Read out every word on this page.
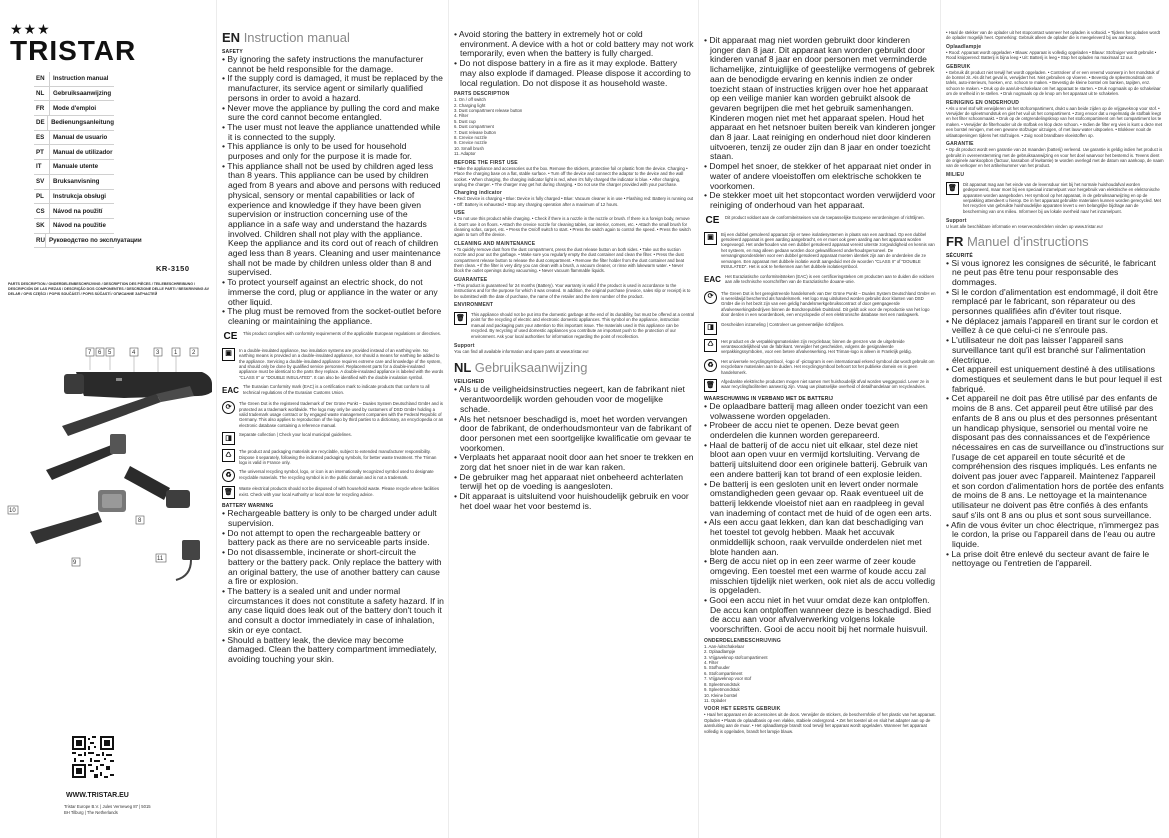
★★★
TRISTAR
EN	Instruction manual
NL	Gebruiksaanwijzing
FR	Mode d'emploi
DE	Bedienungsanleitung
ES	Manual de usuario
PT	Manual de utilizador
IT	Manuale utente
SV	Bruksanvisning
PL	Instrukcja obsługi
CS	Návod na použití
SK	Návod na použitie
RU Руководство по эксплуатации
KR-3150
PARTS DESCRIPTION / ONDERDELENBESCHRIJVING / DESCRIPTION DES PIÈCES / TEILEBESCHREIBUNG / DESCRIPCIÓN DE LAS PIEZAS / DESCRIÇÃO DOS COMPONENTES / DESCRIZIONE DELLE PARTI / BESKRIVNING AV DELAR / OPIS CZĘŚCI / POPIS SOUČÁSTÍ / POPIS SÚČASTÍ / ОПИСАНИЕ ЗАПЧАСТЕЙ
7 6 5	4	3 1 2
8
9
11
10
WWW.TRISTAR.EU
Tristar Europe B.V. | Jules Verneweg 87 | 5015 BH Tilburg | The Netherlands
EN Instruction manual
SAFETY
• By ignoring the safety instructions the manufacturer cannot be held responsible for the damage.
• If the supply cord is damaged, it must be replaced by the manufacturer, its service agent or similarly qualified persons in order to avoid a hazard.
• Never move the appliance by pulling the cord and make sure the cord cannot become entangled.
• The user must not leave the appliance unattended while it is connected to the supply.
• This appliance is only to be used for household purposes and only for the purpose it is made for.
• This appliance shall not be used by children aged less than 8 years. This appliance can be used by children aged from 8 years and above and persons with reduced physical, sensory or mental capabilities or lack of experience and knowledge if they have been given supervision or instruction concerning use of the appliance in a safe way and understand the hazards involved. Children shall not play with the appliance. Keep the appliance and its cord out of reach of children aged less than 8 years. Cleaning and user maintenance shall not be made by children unless older than 8 and supervised.
• To protect yourself against an electric shock, do not immerse the cord, plug or appliance in the water or any other liquid.
• The plug must be removed from the socket-outlet before cleaning or maintaining the appliance.
CE	This product complies with conformity requirements of the applicable European regulations or directives.
▣
In a double-insulated appliance, two insulation systems are provided instead of an earthing wire. No earthing means is provided on a double-insulated appliance, nor should a means for earthing be added to the appliance. Servicing a double-insulated appliance requires extreme care and knowledge of the system, and should only be done by qualified service personnel. Replacement parts for a double-insulated appliance must be identical to the parts they replace. A double-insulated appliance is labeled with the words "CLASS II" or "DOUBLE INSULATED". It can also be identified with the double insulation symbol.
EAC The Eurasian Conformity mark (EAC) is a certification mark to indicate products that conform to all technical regulations of the Eurasian Customs Union.
⟳
The Green Dot is the registered trademark of Der Grüne Punkt – Duales System Deutschland GmbH and is protected as a trademark worldwide. The logo may only be used by customers of DSD GmbH holding a valid trademark usage contract or by engaged waste management companies with the Federal Republic of Germany. This also applies to reproduction of the logo by third parties to a dictionary, an encyclopedia or an electronic database containing a reference manual.
◨
Separate collection | Check your local municipal guidelines.
♺
The product and packaging materials are recyclable, subject to extended manufacturer responsibility. Dispose it separately, following the indicated packaging symbols, for better waste treatment. The Triman logo is valid in France only.
♻
The universal recycling symbol, logo, or icon is an internationally recognized symbol used to designate recyclable materials. The recycling symbol is in the public domain and is not a trademark.
🗑
Waste electrical products should not be disposed of with household waste. Please recycle where facilities exist. Check with your local Authority or local store for recycling advice.
BATTERY WARNING
• Rechargeable battery is only to be charged under adult supervision.
• Do not attempt to open the rechargeable battery or battery pack as there are no serviceable parts inside.
• Do not disassemble, incinerate or short-circuit the battery or the battery pack. Only replace the battery with an original battery, the use of another battery can cause a fire or explosion.
• The battery is a sealed unit and under normal circumstances it does not constitute a safety hazard. If in any case liquid does leak out of the battery don't touch it and consult a doctor immediately in case of inhalation, skin or eye contact.
• Should a battery leak, the device may become damaged. Clean the battery compartment immediately, avoiding touching your skin.
• Avoid storing the battery in extremely hot or cold environment. A device with a hot or cold battery may not work temporarily, even when the battery is fully charged.
• Do not dispose battery in a fire as it may explode. Battery may also explode if damaged. Please dispose it according to local regulation. Do not dispose it as household waste.
PARTS DESCRIPTION
1. On / off switch
2. Charging light
3. Dust compartment release button
4. Filter
5. Dust cup
6. Dust compartment
7. Dust release button
8. Crevice nozzle
9. Crevice nozzle
10. Small brush
11. Adaptor
BEFORE THE FIRST USE

• Take the appliance and accessories out the box. Remove the stickers, protective foil or plastic from the device. Charging • Place the charging base on a flat, stable surface. • Turn off the device and connect the adaptor to the device and the wall socket. • When charging, the charging indicator light is red, when it's fully charged the indicator is blue. • After charging, unplug the charger. • The charger may get hot during charging. • Do not use the charger provided with your purchase.

Charging indicator

• Red: Device is charging • Blue: Device is fully charged • Blue: Vacuum cleaner is in use • Flashing red: Battery is running out • Off: Battery is exhausted • Stop any charging operation after a maximum of 12 hours.

USE

• Do not use this product while charging. • Check if there is a nozzle in the nozzle or brush. If there is a foreign body, remove it. Don't use it on floors. • Attach the crevice nozzle for cleaning tables, car interior, corners, etc. • Attach the small brush for cleaning sofas, carpet, etc. • Press the On/off switch to start. • Press the switch again to control the speed. • Press the switch again to turn off the device.

CLEANING AND MAINTENANCE

• To quickly remove dust from the dust compartment, press the dust release button on both sides. • Take out the suction nozzle and pour out the garbage. • Make sure you regularly empty the dust container and clean the filter. • Press the dust compartment release button to release the dust compartment. • Remove the filter holder from the dust container and beat them clean. • If the filter is very dirty you can clean with a brush, a vacuum cleaner, or rinse with lukewarm water. • Never block the outlet openings during vacuuming. • Never vacuum flammable liquids.

GUARANTEE

• This product is guaranteed for 24 months (Battery). Your warranty is valid if the product is used in accordance to the instructions and for the purpose for which it was created. In addition, the original purchase (invoice, sales slip or receipt) is to be submitted with the date of purchase, the name of the retailer and the item number of the product.

ENVIRONMENT
🗑
This appliance should not be put into the domestic garbage at the end of its durability, but must be offered at a central point for the recycling of electric and electronic domestic appliances. This symbol on the appliance, instruction manual and packaging puts your attention to this important issue. The materials used in this appliance can be recycled. By recycling of used domestic appliances you contribute an important push to the protection of our environment. Ask your local authorities for information regarding the point of recollection.
Support

You can find all available information and spare parts at www.tristar.eu!

NL Gebruiksaanwijzing
VEILIGHEID
• Als u de veiligheidsinstructies negeert, kan de fabrikant niet verantwoordelijk worden gehouden voor de mogelijke schade.
• Als het netsnoer beschadigd is, moet het worden vervangen door de fabrikant, de onderhoudsmonteur van de fabrikant of door personen met een soortgelijke kwalificatie om gevaar te voorkomen.
• Verplaats het apparaat nooit door aan het snoer te trekken en zorg dat het snoer niet in de war kan raken.
• De gebruiker mag het apparaat niet onbeheerd achterlaten terwijl het op de voeding is aangesloten.
• Dit apparaat is uitsluitend voor huishoudelijk gebruik en voor het doel waar het voor bestemd is.
• Dit apparaat mag niet worden gebruikt door kinderen jonger dan 8 jaar. Dit apparaat kan worden gebruikt door kinderen vanaf 8 jaar en door personen met verminderde lichamelijke, zintuiglijke of geestelijke vermogens of gebrek aan de benodigde ervaring en kennis indien ze onder toezicht staan of instructies krijgen over hoe het apparaat op een veilige manier kan worden gebruikt alsook de gevaren begrijpen die met het gebruik samenhangen. Kinderen mogen niet met het apparaat spelen. Houd het apparaat en het netsnoer buiten bereik van kinderen jonger dan 8 jaar. Laat reiniging en onderhoud niet door kinderen uitvoeren, tenzij ze ouder zijn dan 8 jaar en onder toezicht staan.
• Dompel het snoer, de stekker of het apparaat niet onder in water of andere vloeistoffen om elektrische schokken te voorkomen.
• De stekker moet uit het stopcontact worden verwijderd voor reiniging of onderhoud van het apparaat.
CE	Dit product voldoet aan de conformiteitseisen van de toepasselijke Europese verordeningen of richtlijnen.
▣
Bij een dubbel geïsoleerd apparaat zijn er twee isolatiesystemen in plaats van een aardraad. Op een dubbel geïsoleerd apparaat is geen aarding aangebracht, en er moet ook geen aarding aan het apparaat worden toegevoegd. Het onderhouden van een dubbel geïsoleerd apparaat vereist uiterste zorgvuldigheid en kennis van het systeem, en mag alleen gedaan worden door gekwalificeerd onderhoudspersoneel. De vervangingsonderdelen voor een dubbel geïsoleerd apparaat moeten identiek zijn aan de onderdelen die ze vervangen. Een apparaat met dubbele isolatie wordt aangeduid met de woorden "CLASS II" of "DOUBLE INSULATED". Het is ook te herkennen aan het dubbele isolatiesymbool.
EAC Het Euraziatische conformiteitsteken (EAC) is een certificeringsteken om producten aan te duiden die voldoen aan alle technische voorschriften van de Euraziatische douane-unie.
⟳
The Green Dot is het geregistreerde handelsmerk van Der Grüne Punkt – Duales System Deutschland GmbH en is wereldwijd beschermd als handelsmerk. Het logo mag uitsluitend worden gebruikt door klanten van DSD GmbH die in het bezit zijn van een geldig handelsmerkgebruikscontract of door geëngageerde afvalverwerkingsbedrijven binnen de Bondsrepubliek Duitsland. Dit geldt ook voor de reproductie van het logo door derden in een woordenboek, een encyclopedie of een elektronische database met een naslagwerk.
◨
Gescheiden inzameling | Controleer uw gemeentelijke richtlijnen.
♺
Het product en de verpakkingsmaterialen zijn recyclebaar, binnen de grenzen van de uitgebreide verantwoordelijkheid van de fabrikant. Verwijder het gescheiden, volgens de gesignaleerde verpakkingssymbolen, voor een betere afvalverwerking. Het Triman-logo is alleen in Frankrijk geldig.
♻
Het universele recyclingsymbool, -logo of -pictogram is een internationaal erkend symbool dat wordt gebruikt om recyclebare materialen aan te duiden. Het recyclingsymbool behoort tot het publieke domein en is geen handelsmerk.
🗑
Afgedankte elektrische producten mogen niet samen met huishoudelijk afval worden weggegooid. Lever ze in waar recyclingfaciliteiten aanwezig zijn. Vraag uw plaatselijke overheid of detailhandelaar om recycleadvies.
WAARSCHUWING IN VERBAND MET DE BATTERIJ
• De oplaadbare batterij mag alleen onder toezicht van een volwassene worden opgeladen.
• Probeer de accu niet te openen. Deze bevat geen onderdelen die kunnen worden gerepareerd.
• Haal de batterij of de accu niet uit elkaar, stel deze niet bloot aan open vuur en vermijd kortsluiting. Vervang de batterij uitsluitend door een originele batterij. Gebruik van een andere batterij kan tot brand of een explosie leiden.
• De batterij is een gesloten unit en levert onder normale omstandigheden geen gevaar op. Raak eventueel uit de batterij lekkende vloeistof niet aan en raadpleeg in geval van inademing of contact met de huid of de ogen een arts.
• Als een accu gaat lekken, dan kan dat beschadiging van het toestel tot gevolg hebben. Maak het accuvak onmiddellijk schoon, raak vervuilde onderdelen niet met blote handen aan.
• Berg de accu niet op in een zeer warme of zeer koude omgeving. Een toestel met een warme of koude accu zal misschien tijdelijk niet werken, ook niet als de accu volledig is opgeladen.
• Gooi een accu niet in het vuur omdat deze kan ontploffen. De accu kan ontploffen wanneer deze is beschadigd. Bied de accu aan voor afvalverwerking volgens lokale voorschriften. Gooi de accu nooit bij het normale huisvuil.
ONDERDELENBESCHRIJVING
1. Aan-/uitschakelaar
2. Oplaadlampje
3. Vrijgaveknop stofcompartiment
4. Filter
5. Stofhouder
6. Stofcompartiment
7. Vrijgaveknop voor stof
8. Spleetmondstuk
9. Spleetmondstuk
10. Kleine borstel
11. Oplader
VOOR HET EERSTE GEBRUIK

• Haal het apparaat en de accessoires uit de doos. Verwijder de stickers, de beschermfolie of het plastic van het apparaat. Opladen • Plaats de oplaadbasis op een vlakke, stabiele ondergrond. • Zet het toestel uit en sluit het adapter aan op de aansluiting aan de muur. • Het oplaadlampje brandt rood terwijl het apparaat wordt opgeladen. Wanneer het apparaat volledig is opgeladen, brandt het lampje blauw.

• Haal de stekker van de oplader uit het stopcontact wanneer het opladen is voltooid. • Tijdens het opladen wordt de oplader mogelijk heet. Opmerking: Gebruik alleen de oplader die is meegeleverd bij uw aankoop.

Oplaadlampje

• Rood: Apparaat wordt opgeladen • Blauw: Apparaat is volledig opgeladen • Blauw: Stofzuiger wordt gebruikt • Rood knipperend: Batterij is bijna leeg • Uit: Batterij is leeg • Stop het opladen na maximaal 12 uur.

GEBRUIK

• Gebruik dit product niet terwijl het wordt opgeladen. • Controleer of er een vreemd voorwerp in het mondstuk of de borstel zit. Als dit het geval is, verwijdert het. Niet gebruiken op vloeren. • Bevestig de spleetmondstuk om tafels, auto-interieurs, hoeken, enz. schoon te maken. • Bevestig de kleine borstel om banken, tapijten, enz. schoon te maken. • Druk op de aan/uit-schakelaar om het apparaat te starten. • Druk nogmaals op de schakelaar om de snelheid in te stellen. • Druk nogmaals op de knop om het apparaat uit te schakelen.

REINIGING EN ONDERHOUD

• Als u snel stof wilt verwijderen uit het stofcompartiment, drukt u aan beide zijden op de vrijgaveknop voor stof. • Verwijder de spleetmondstuk en giet het vuil uit het compartiment. • Zorg ervoor dat u regelmatig de stofbak leegt en het filter schoonmaakt. • Druk op de ontgrendelingsknop van het stofcompartiment om het compartiment los te maken. • Verwijder de filterhouder uit de stofbak en klop deze schoon. • Indien de filter erg vies is kunt u deze met een borstel reinigen, met een gewone stofzuiger uitzuigen, of met lauw water uitspoelen. • Blokkeer nooit de uitlaatopeningen tijdens het stofzuigen. • Zuig nooit brandbare vloeistoffen op.

GARANTIE

• Op dit product wordt een garantie van 24 maanden (batterij) verleend. Uw garantie is geldig indien het product is gebruikt in overeenstemming met de gebruiksaanwijzing en voor het doel waarvoor het bestemd is. Tevens dient de originele aankoopbon (factuur, kassabon of kwitantie) te worden overlegd met de datum van aankoop, de naam van de verkoper en het artikelnummer van het product.

MILIEU
🗑
Dit apparaat mag aan het einde van de levensduur niet bij het normale huishoudafval worden gedeponeerd, maar moet bij een speciaal inzamelpunt voor hergebruik van elektrische en elektronische apparaten worden aangeboden. Het symbool op het apparaat, in de gebruiksaanwijzing en op de verpakking attendeert u hierop. De in het apparaat gebruikte materialen kunnen worden gerecycled. Met het recyclen van gebruikte huishoudelijke apparaten levert u een belangrijke bijdrage aan de bescherming van ons milieu. Informeer bij uw lokale overheid naar het inzamelpunt.
Support

U kunt alle beschikbare informatie en reserveonderdelen vinden op www.tristar.eu!

FR Manuel d'instructions
SÉCURITÉ
• Si vous ignorez les consignes de sécurité, le fabricant ne peut pas être tenu pour responsable des dommages.
• Si le cordon d'alimentation est endommagé, il doit être remplacé par le fabricant, son réparateur ou des personnes qualifiées afin d'éviter tout risque.
• Ne déplacez jamais l'appareil en tirant sur le cordon et veillez à ce que celui-ci ne s'enroule pas.
• L'utilisateur ne doit pas laisser l'appareil sans surveillance tant qu'il est branché sur l'alimentation électrique.
• Cet appareil est uniquement destiné à des utilisations domestiques et seulement dans le but pour lequel il est fabriqué.
• Cet appareil ne doit pas être utilisé par des enfants de moins de 8 ans. Cet appareil peut être utilisé par des enfants de 8 ans ou plus et des personnes présentant un handicap physique, sensoriel ou mental voire ne disposant pas des connaissances et de l'expérience nécessaires en cas de surveillance ou d'instructions sur l'usage de cet appareil en toute sécurité et de compréhension des risques impliqués. Les enfants ne doivent pas jouer avec l'appareil. Maintenez l'appareil et son cordon d'alimentation hors de portée des enfants de moins de 8 ans. Le nettoyage et la maintenance utilisateur ne doivent pas être confiés à des enfants sauf s'ils ont 8 ans ou plus et sont sous surveillance.
• Afin de vous éviter un choc électrique, n'immergez pas le cordon, la prise ou l'appareil dans de l'eau ou autre liquide.
• La prise doit être enlevé du secteur avant de faire le nettoyage ou l'entretien de l'appareil.
